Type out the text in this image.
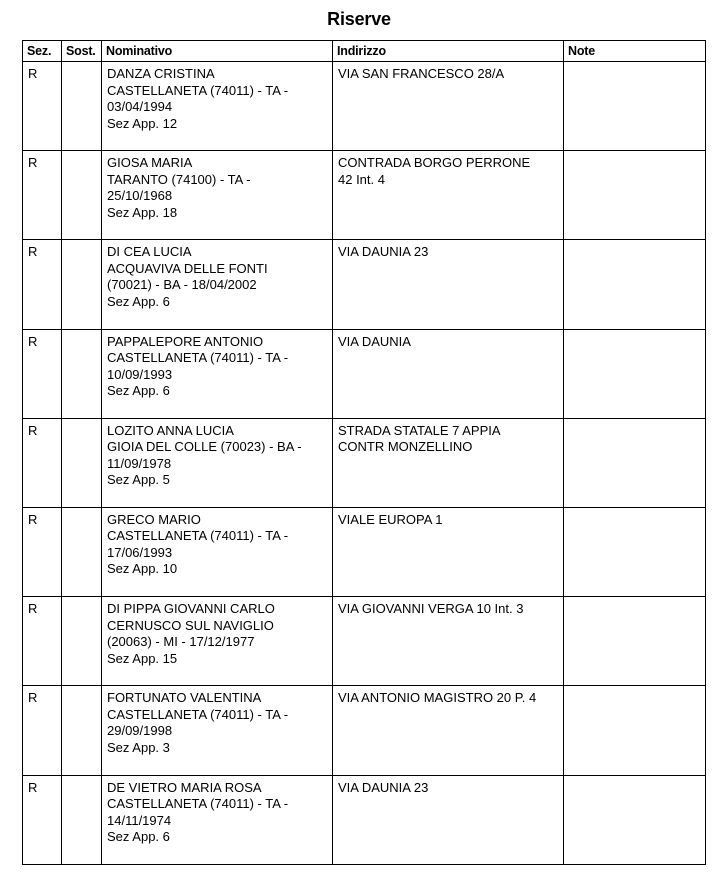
Riserve
Sez.	Sost.	Nominativo	Indirizzo	Note
R		DANZA CRISTINA
CASTELLANETA (74011) - TA -
03/04/1994
Sez App. 12	VIA SAN FRANCESCO 28/A	

R		GIOSA MARIA
TARANTO (74100) - TA -
25/10/1968
Sez App. 18	CONTRADA BORGO PERRONE
42 Int. 4	

R		DI CEA LUCIA
ACQUAVIVA DELLE FONTI
(70021) - BA - 18/04/2002
Sez App. 6	VIA DAUNIA 23	

R		PAPPALEPORE ANTONIO
CASTELLANETA (74011) - TA -
10/09/1993
Sez App. 6	VIA DAUNIA	

R		LOZITO ANNA LUCIA
GIOIA DEL COLLE (70023) - BA -
11/09/1978
Sez App. 5	STRADA STATALE 7 APPIA
CONTR MONZELLINO	

R		GRECO MARIO
CASTELLANETA (74011) - TA -
17/06/1993
Sez App. 10	VIALE EUROPA 1	

R		DI PIPPA GIOVANNI CARLO
CERNUSCO SUL NAVIGLIO
(20063) - MI - 17/12/1977
Sez App. 15	VIA GIOVANNI VERGA 10 Int. 3	

R		FORTUNATO VALENTINA
CASTELLANETA (74011) - TA -
29/09/1998
Sez App. 3	VIA ANTONIO MAGISTRO 20 P. 4	

R		DE VIETRO MARIA ROSA
CASTELLANETA (74011) - TA -
14/11/1974
Sez App. 6	VIA DAUNIA 23	
